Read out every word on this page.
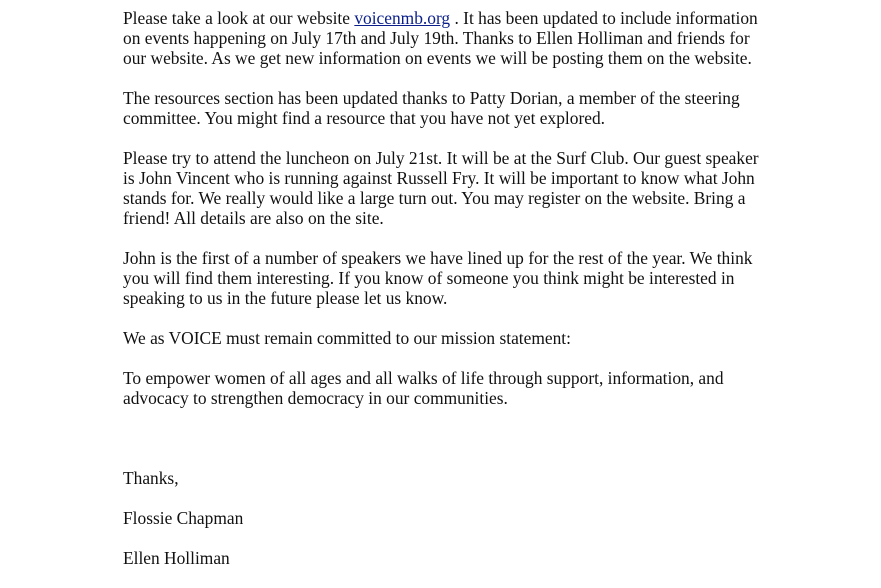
Please take a look at our website voicenmb.org . It has been updated to include information on events happening on July 17th and July 19th. Thanks to Ellen Holliman and friends for our website. As we get new information on events we will be posting them on the website.

The resources section has been updated thanks to Patty Dorian, a member of the steering committee. You might find a resource that you have not yet explored.

Please try to attend the luncheon on July 21st. It will be at the Surf Club. Our guest speaker is John Vincent who is running against Russell Fry. It will be important to know what John stands for. We really would like a large turn out. You may register on the website. Bring a friend! All details are also on the site.

John is the first of a number of speakers we have lined up for the rest of the year. We think you will find them interesting. If you know of someone you think might be interested in speaking to us in the future please let us know.

We as VOICE must remain committed to our mission statement:

To empower women of all ages and all walks of life through support, information, and advocacy to strengthen democracy in our communities.

Thanks,

Flossie Chapman

Ellen Holliman
